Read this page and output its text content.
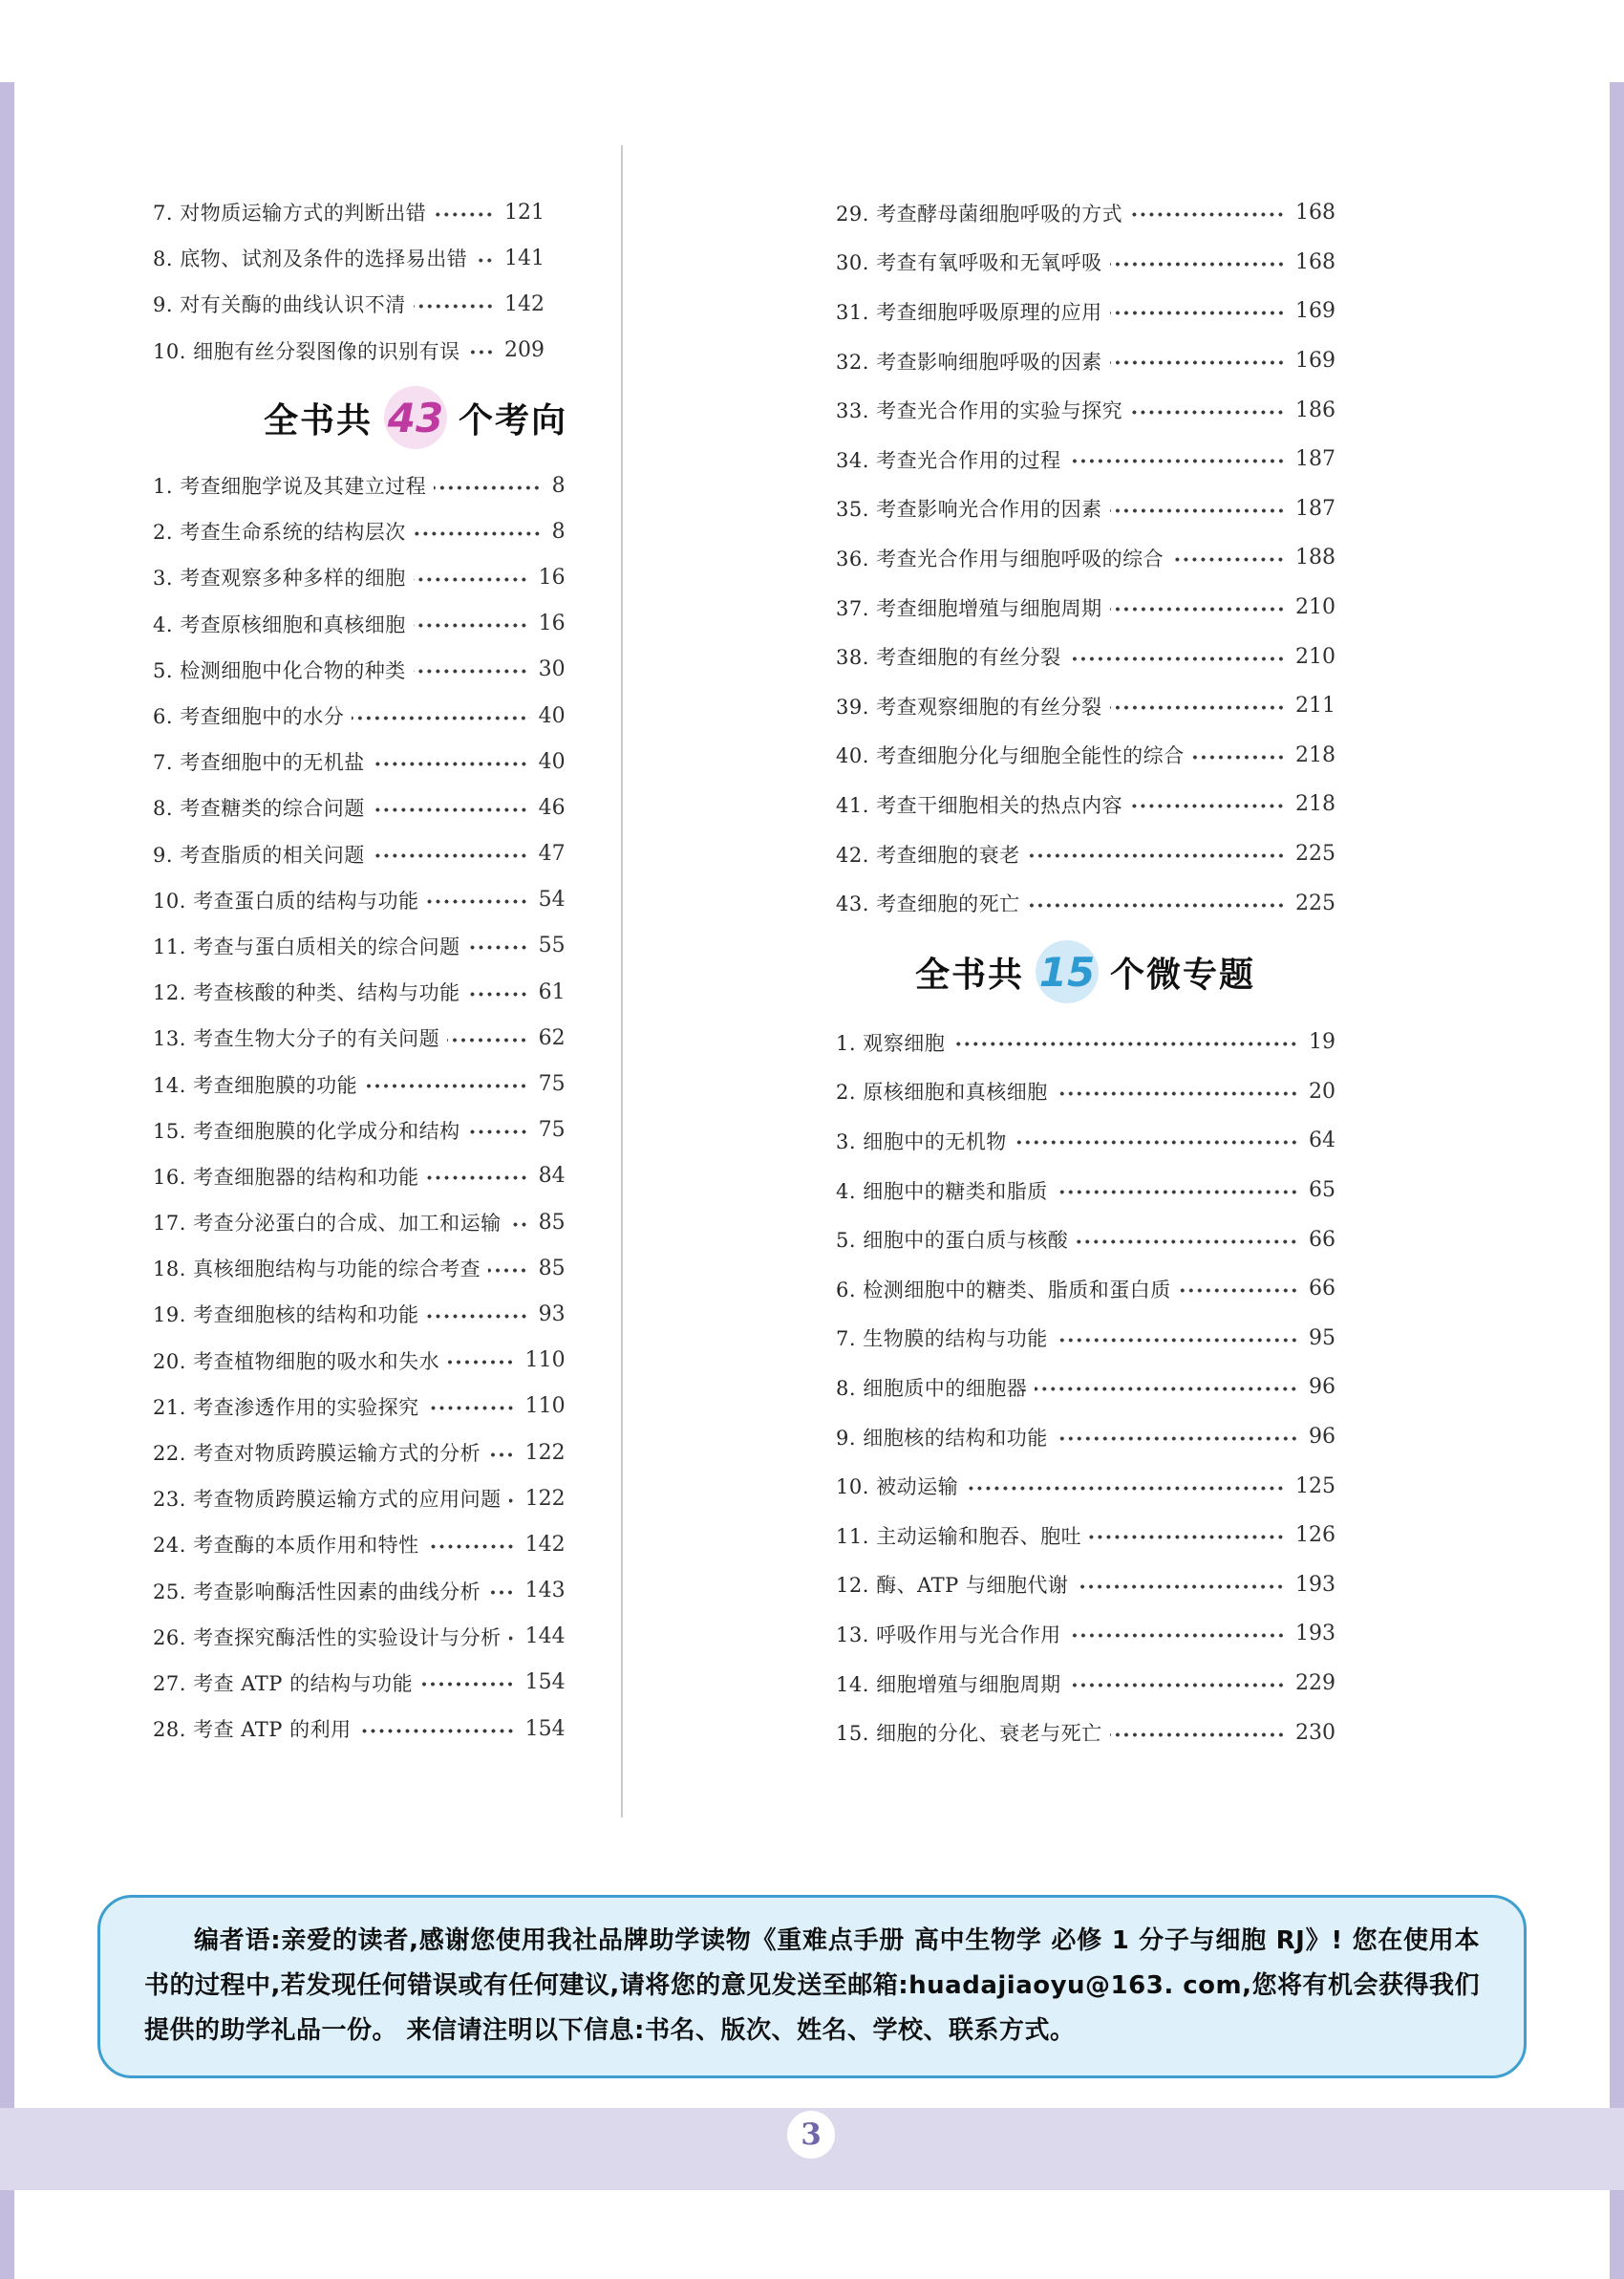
7. 对物质运输方式的判断出错	121
8. 底物、试剂及条件的选择易出错 141
9. 对有关酶的曲线认识不清	142
10. 细胞有丝分裂图像的识别有误 209
全书共 43 个考向
1. 考查细胞学说及其建立过程	8
2. 考查生命系统的结构层次	8
3. 考查观察多种多样的细胞	16
4. 考查原核细胞和真核细胞	16
5. 检测细胞中化合物的种类	30
6. 考查细胞中的水分	40
7. 考查细胞中的无机盐	40
8. 考查糖类的综合问题	46
9. 考查脂质的相关问题	47
10. 考查蛋白质的结构与功能	54
11. 考查与蛋白质相关的综合问题	55
12. 考查核酸的种类、结构与功能	61
13. 考查生物大分子的有关问题	62
14. 考查细胞膜的功能	75
15. 考查细胞膜的化学成分和结构	75
16. 考查细胞器的结构和功能	84
17. 考查分泌蛋白的合成、加工和运输 85
18. 真核细胞结构与功能的综合考查	85
19. 考查细胞核的结构和功能	93
20. 考查植物细胞的吸水和失水	110
21. 考查渗透作用的实验探究	110
22. 考查对物质跨膜运输方式的分析 122
23. 考查物质跨膜运输方式的应用问题 122
24. 考查酶的本质作用和特性	142
25. 考查影响酶活性因素的曲线分析 143
26. 考查探究酶活性的实验设计与分析 144
27. 考查 ATP 的结构与功能	154
28. 考查 ATP 的利用	154
29. 考查酵母菌细胞呼吸的方式	168
30. 考查有氧呼吸和无氧呼吸	168
31. 考查细胞呼吸原理的应用	169
32. 考查影响细胞呼吸的因素	169
33. 考查光合作用的实验与探究	186
34. 考查光合作用的过程	187
35. 考查影响光合作用的因素	187
36. 考查光合作用与细胞呼吸的综合	188
37. 考查细胞增殖与细胞周期	210
38. 考查细胞的有丝分裂	210
39. 考查观察细胞的有丝分裂	211
40. 考查细胞分化与细胞全能性的综合	218
41. 考查干细胞相关的热点内容	218
42. 考查细胞的衰老	225
43. 考查细胞的死亡	225
全书共 15 个微专题
1. 观察细胞	19
2. 原核细胞和真核细胞	20
3. 细胞中的无机物	64
4. 细胞中的糖类和脂质	65
5. 细胞中的蛋白质与核酸	66
6. 检测细胞中的糖类、脂质和蛋白质	66
7. 生物膜的结构与功能	95
8. 细胞质中的细胞器	96
9. 细胞核的结构和功能	96
10. 被动运输	125
11. 主动运输和胞吞、胞吐	126
12. 酶、ATP 与细胞代谢	193
13. 呼吸作用与光合作用	193
14. 细胞增殖与细胞周期	229
15. 细胞的分化、衰老与死亡	230

编者语:亲爱的读者,感谢您使用我社品牌助学读物《重难点手册 高中生物学 必修 1 分子与细胞 RJ》! 您在使用本书的过程中,若发现任何错误或有任何建议,请将您的意见发送至邮箱:huadajiaoyu@163. com,您将有机会获得我们提供的助学礼品一份。 来信请注明以下信息:书名、版次、姓名、学校、联系方式。

3
